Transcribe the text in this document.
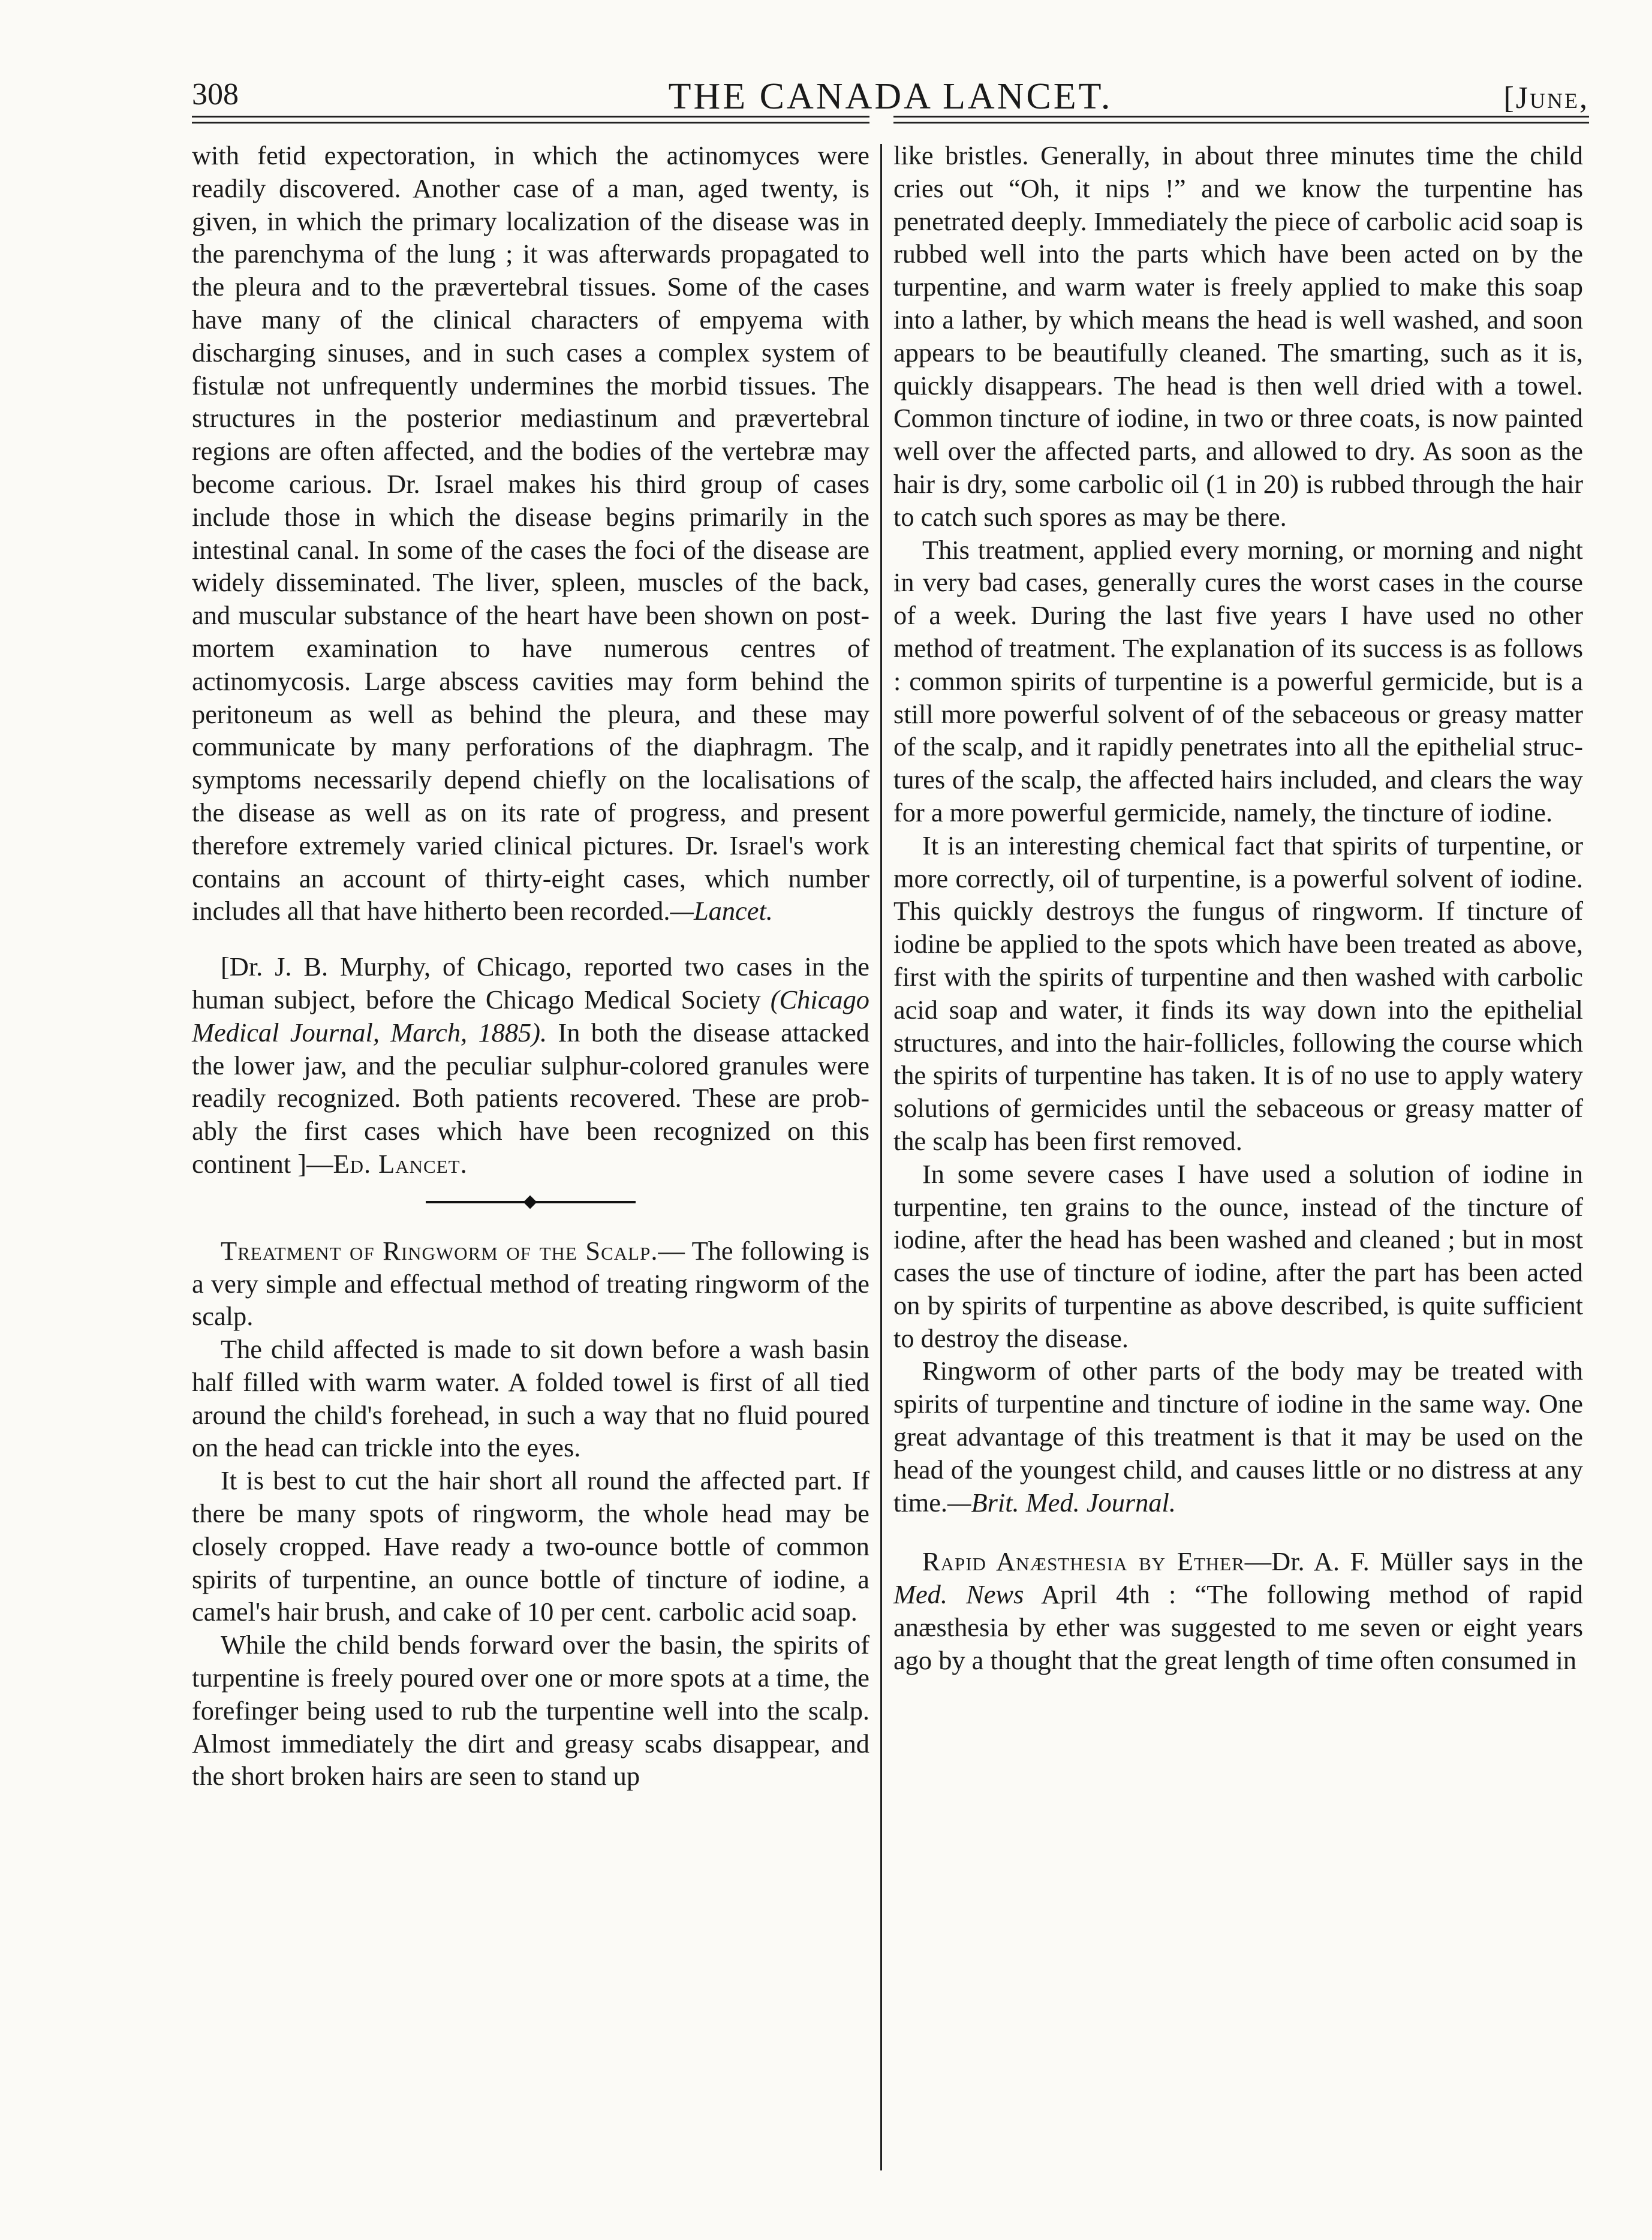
308	THE CANADA LANCET.	[June,

with fetid expectoration, in which the actinomyces were readily discovered. Another case of a man, aged twenty, is given, in which the primary localization of the disease was in the parenchyma of the lung ; it was afterwards propagated to the pleura and to the prævertebral tissues. Some of the cases have many of the clinical characters of empyema with discharging sinuses, and in such cases a complex system of fistulæ not unfrequently undermines the morbid tissues. The structures in the posterior mediastinum and prævertebral regions are often affected, and the bodies of the vertebræ may become carious. Dr. Israel makes his third group of cases include those in which the disease begins primarily in the intestinal canal. In some of the cases the foci of the disease are widely disseminated. The liver, spleen, muscles of the back, and muscular substance of the heart have been shown on post-mortem examination to have numerous centres of actinomycosis. Large abscess cavities may form behind the peritoneum as well as behind the pleura, and these may communicate by many perforations of the diaphragm. The symptoms necessarily depend chiefly on the localisations of the disease as well as on its rate of progress, and present therefore extremely varied clinical pictures. Dr. Israel's work contains an account of thirty-eight cases, which number includes all that have hitherto been recorded.—Lancet.

[Dr. J. B. Murphy, of Chicago, reported two cases in the human subject, before the Chicago Medical Society (Chicago Medical Journal, March, 1885). In both the disease attacked the lower jaw, and the peculiar sulphur-colored granules were readily recognized. Both patients recovered. These are probably the first cases which have been recognized on this continent ]—Ed. Lancet.

Treatment of Ringworm of the Scalp.— The following is a very simple and effectual method of treating ringworm of the scalp.

The child affected is made to sit down before a wash basin half filled with warm water. A folded towel is first of all tied around the child's forehead, in such a way that no fluid poured on the head can trickle into the eyes.

It is best to cut the hair short all round the affected part. If there be many spots of ringworm, the whole head may be closely cropped. Have ready a two-ounce bottle of common spirits of turpentine, an ounce bottle of tincture of iodine, a camel's hair brush, and cake of 10 per cent. carbolic acid soap.

While the child bends forward over the basin, the spirits of turpentine is freely poured over one or more spots at a time, the forefinger being used to rub the turpentine well into the scalp. Almost immediately the dirt and greasy scabs disappear, and the short broken hairs are seen to stand up

like bristles. Generally, in about three minutes time the child cries out “Oh, it nips !” and we know the turpentine has penetrated deeply. Immediately the piece of carbolic acid soap is rubbed well into the parts which have been acted on by the turpentine, and warm water is freely applied to make this soap into a lather, by which means the head is well washed, and soon appears to be beautifully cleaned. The smarting, such as it is, quickly disappears. The head is then well dried with a towel. Common tincture of iodine, in two or three coats, is now painted well over the affected parts, and allowed to dry. As soon as the hair is dry, some carbolic oil (1 in 20) is rubbed through the hair to catch such spores as may be there.

This treatment, applied every morning, or morning and night in very bad cases, generally cures the worst cases in the course of a week. During the last five years I have used no other method of treatment. The explanation of its success is as follows : common spirits of turpentine is a powerful germicide, but is a still more powerful solvent of of the sebaceous or greasy matter of the scalp, and it rapidly penetrates into all the epithelial structures of the scalp, the affected hairs included, and clears the way for a more powerful germicide, namely, the tincture of iodine.

It is an interesting chemical fact that spirits of turpentine, or more correctly, oil of turpentine, is a powerful solvent of iodine. This quickly destroys the fungus of ringworm. If tincture of iodine be applied to the spots which have been treated as above, first with the spirits of turpentine and then washed with carbolic acid soap and water, it finds its way down into the epithelial structures, and into the hair-follicles, following the course which the spirits of turpentine has taken. It is of no use to apply watery solutions of germicides until the sebaceous or greasy matter of the scalp has been first removed.

In some severe cases I have used a solution of iodine in turpentine, ten grains to the ounce, instead of the tincture of iodine, after the head has been washed and cleaned ; but in most cases the use of tincture of iodine, after the part has been acted on by spirits of turpentine as above described, is quite sufficient to destroy the disease.

Ringworm of other parts of the body may be treated with spirits of turpentine and tincture of iodine in the same way. One great advantage of this treatment is that it may be used on the head of the youngest child, and causes little or no distress at any time.—Brit. Med. Journal.

Rapid Anæsthesia by Ether—Dr. A. F. Müller says in the Med. News April 4th : “The following method of rapid anæsthesia by ether was suggested to me seven or eight years ago by a thought that the great length of time often consumed in
